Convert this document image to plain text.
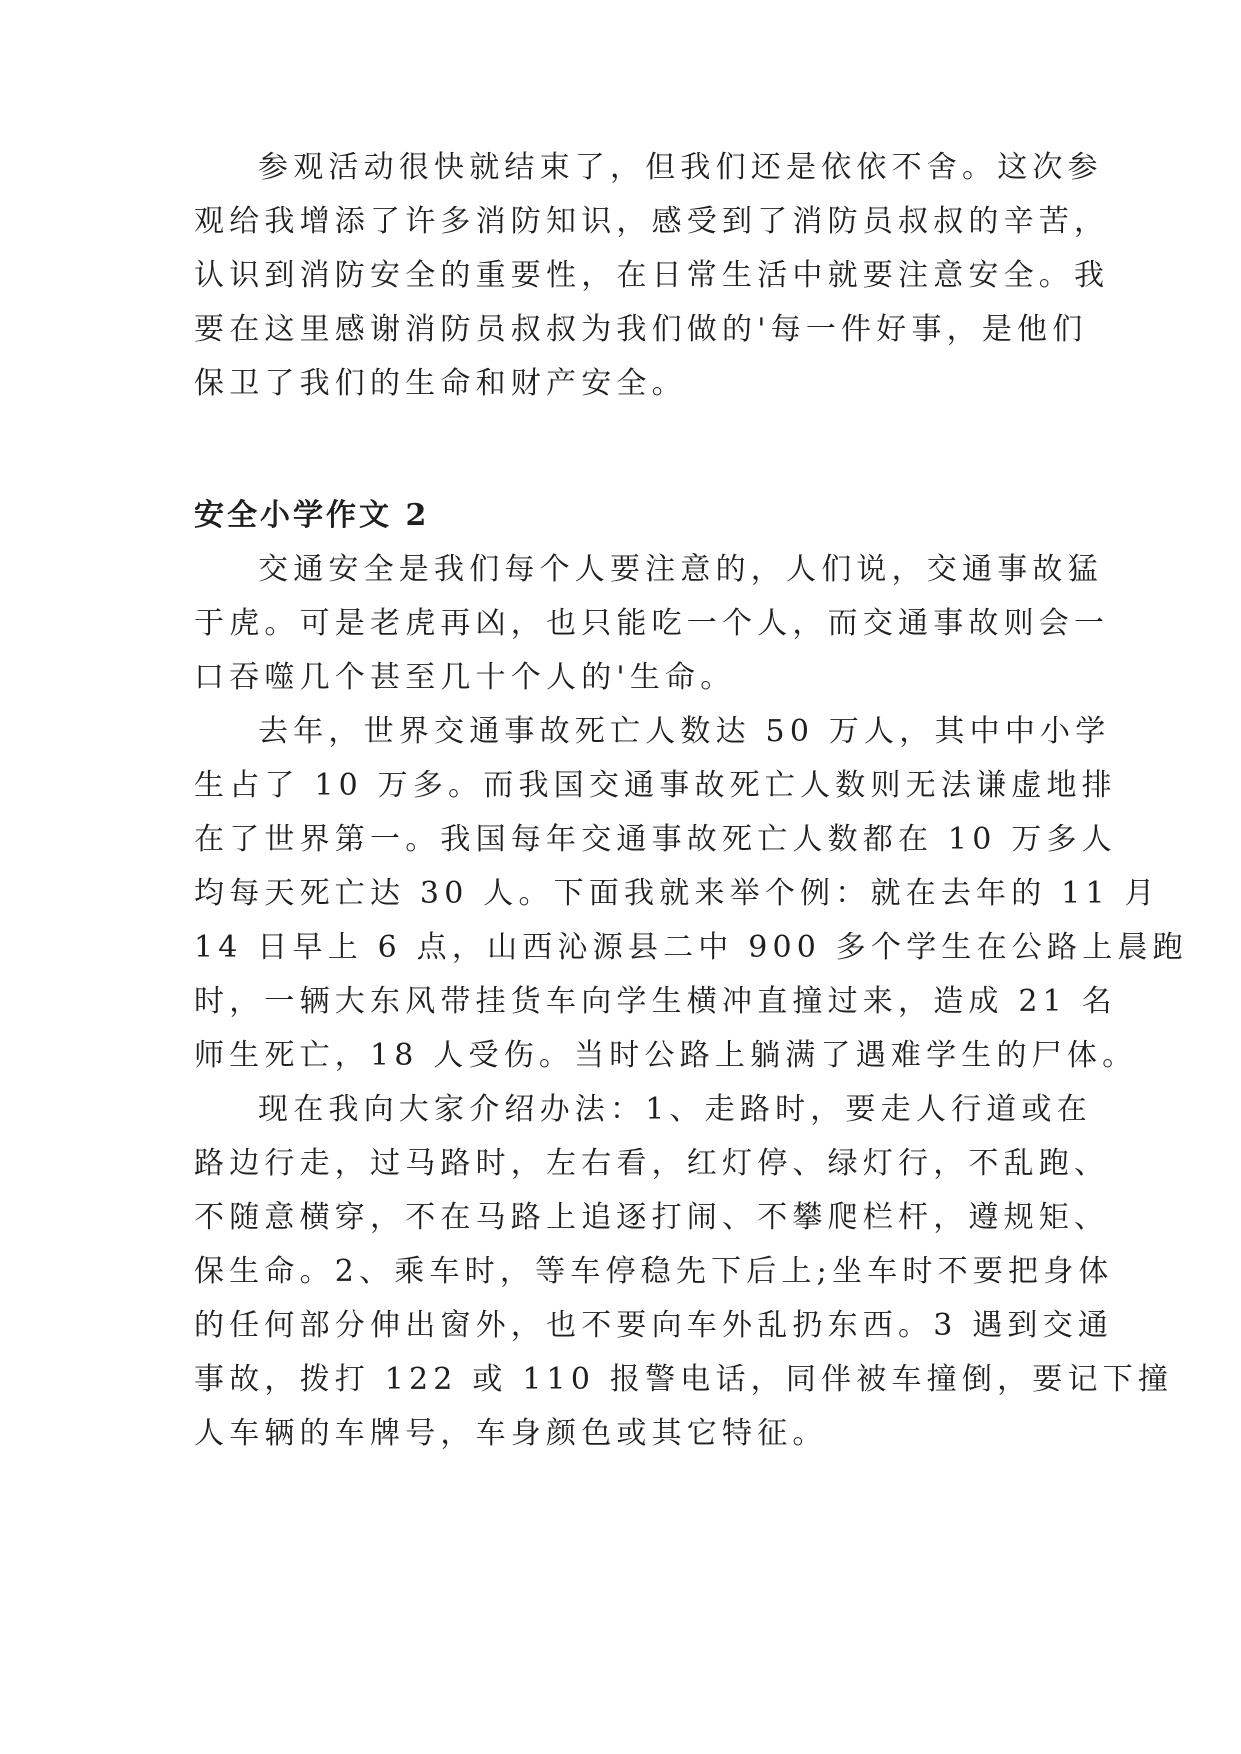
参观活动很快就结束了，但我们还是依依不舍。这次参

观给我增添了许多消防知识，感受到了消防员叔叔的辛苦，

认识到消防安全的重要性，在日常生活中就要注意安全。我

要在这里感谢消防员叔叔为我们做的'每一件好事，是他们

保卫了我们的生命和财产安全。

安全小学作文 2

交通安全是我们每个人要注意的，人们说，交通事故猛

于虎。可是老虎再凶，也只能吃一个人，而交通事故则会一

口吞噬几个甚至几十个人的'生命。

去年，世界交通事故死亡人数达 50 万人，其中中小学

生占了 10 万多。而我国交通事故死亡人数则无法谦虚地排

在了世界第一。我国每年交通事故死亡人数都在 10 万多人

均每天死亡达 30 人。下面我就来举个例：就在去年的 11 月

14 日早上 6 点，山西沁源县二中 900 多个学生在公路上晨跑

时，一辆大东风带挂货车向学生横冲直撞过来，造成 21 名

师生死亡，18 人受伤。当时公路上躺满了遇难学生的尸体。

现在我向大家介绍办法：1、走路时，要走人行道或在

路边行走，过马路时，左右看，红灯停、绿灯行，不乱跑、

不随意横穿，不在马路上追逐打闹、不攀爬栏杆，遵规矩、

保生命。2、乘车时，等车停稳先下后上;坐车时不要把身体

的任何部分伸出窗外，也不要向车外乱扔东西。3 遇到交通

事故，拨打 122 或 110 报警电话，同伴被车撞倒，要记下撞

人车辆的车牌号，车身颜色或其它特征。
